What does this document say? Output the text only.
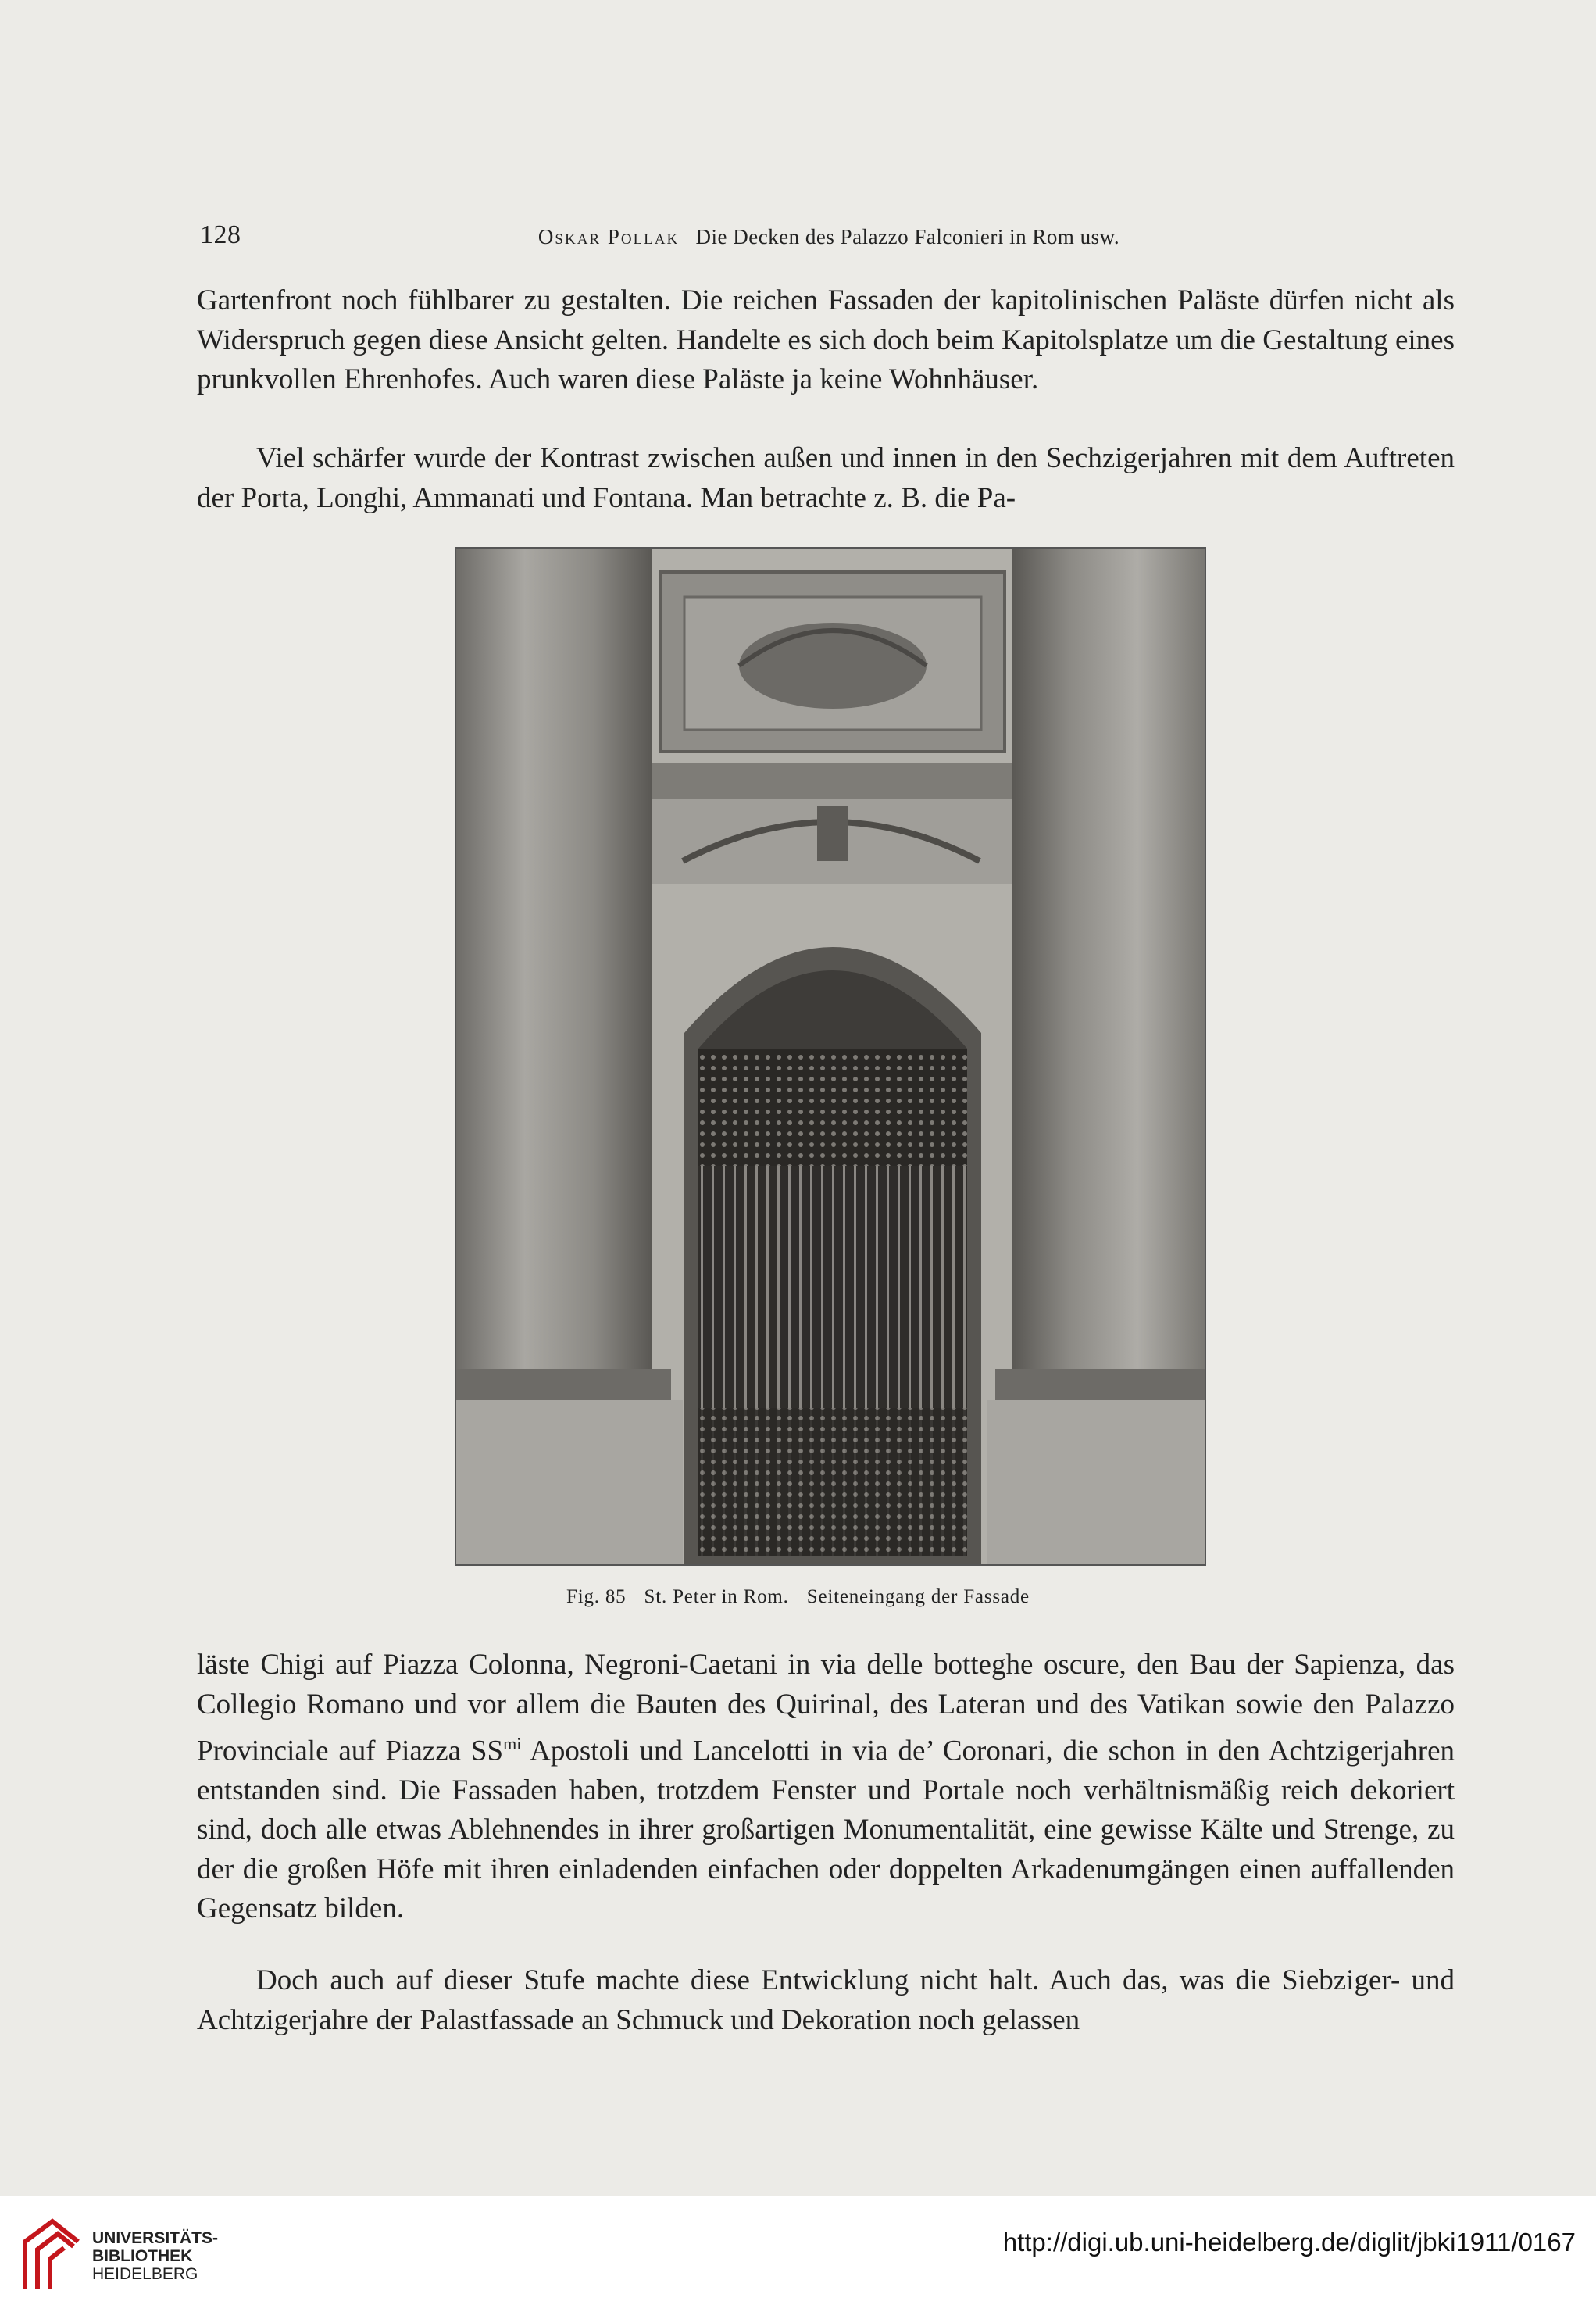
128	Oskar Pollak Die Decken des Palazzo Falconieri in Rom usw.

Gartenfront noch fühlbarer zu gestalten. Die reichen Fassaden der kapitolinischen Paläste dürfen nicht als Widerspruch gegen diese Ansicht gelten. Handelte es sich doch beim Kapitolsplatze um die Gestaltung eines prunkvollen Ehrenhofes. Auch waren diese Paläste ja keine Wohnhäuser.

Viel schärfer wurde der Kontrast zwischen außen und innen in den Sechzigerjahren mit dem Auftreten der Porta, Longhi, Ammanati und Fontana. Man betrachte z. B. die Pa-

Fig. 85 St. Peter in Rom. Seiteneingang der Fassade

läste Chigi auf Piazza Colonna, Negroni-Caetani in via delle botteghe oscure, den Bau der Sapienza, das Collegio Romano und vor allem die Bauten des Quirinal, des Lateran und des Vatikan sowie den Palazzo Provinciale auf Piazza $SS^{mi}$ Apostoli und Lancelotti in via de’ Coronari, die schon in den Achtzigerjahren entstanden sind. Die Fassaden haben, trotzdem Fenster und Portale noch verhältnismäßig reich dekoriert sind, doch alle etwas Ablehnendes in ihrer großartigen Monumentalität, eine gewisse Kälte und Strenge, zu der die großen Höfe mit ihren einladenden einfachen oder doppelten Arkadenumgängen einen auffallenden Gegensatz bilden.

Doch auch auf dieser Stufe machte diese Entwicklung nicht halt. Auch das, was die Siebziger- und Achtzigerjahre der Palastfassade an Schmuck und Dekoration noch gelassen

UNIVERSITÄTS-
BIBLIOTHEK
HEIDELBERG
http://digi.ub.uni-heidelberg.de/diglit/jbki1911/0167
